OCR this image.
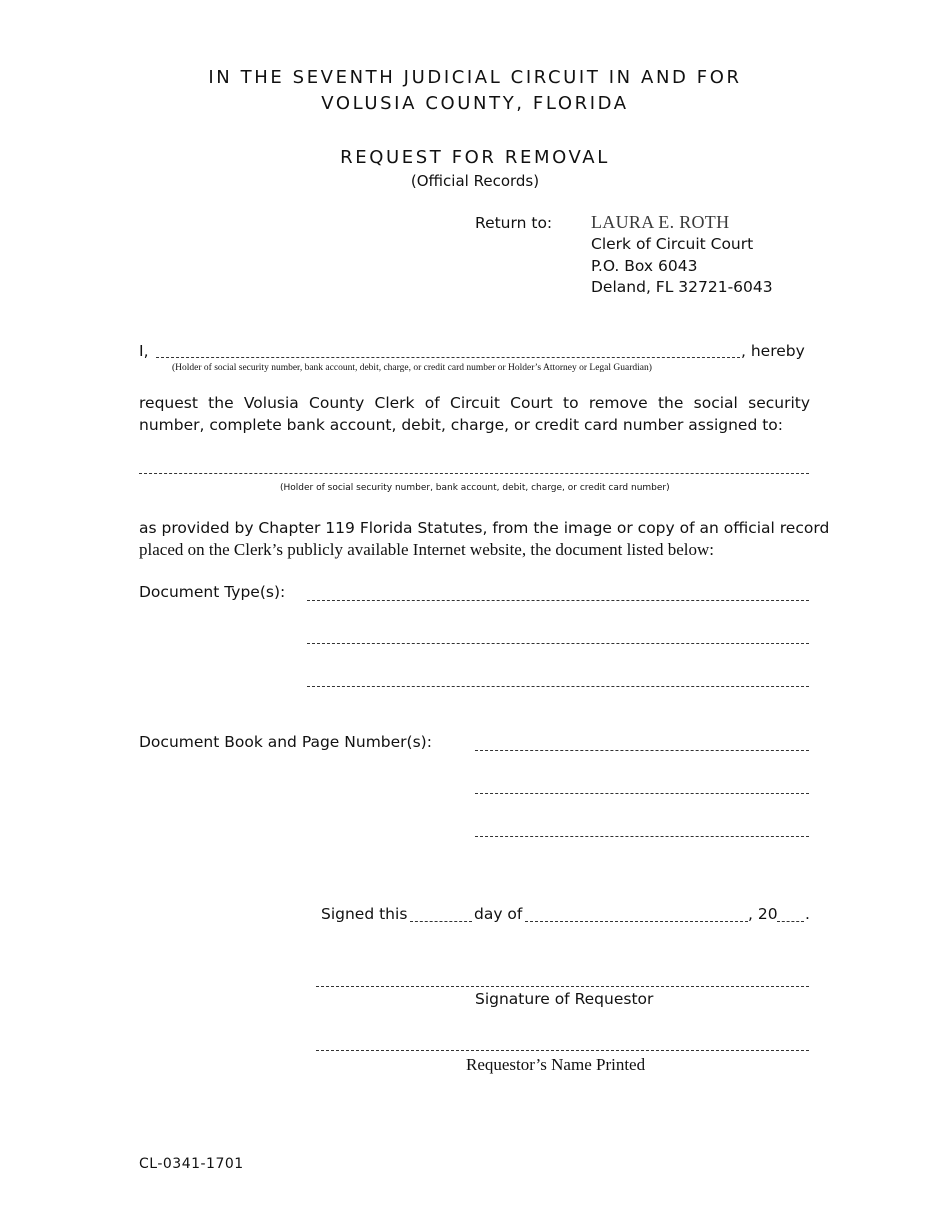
IN THE SEVENTH JUDICIAL CIRCUIT IN AND FOR
VOLUSIA COUNTY, FLORIDA
REQUEST FOR REMOVAL
(Official Records)
Return to: LAURA E. ROTH
Clerk of Circuit Court
P.O. Box 6043
Deland, FL 32721-6043
I,	, hereby
(Holder of social security number, bank account, debit, charge, or credit card number or Holder’s Attorney or Legal Guardian)
request the Volusia County Clerk of Circuit Court to remove the social security
number, complete bank account, debit, charge, or credit card number assigned to:
(Holder of social security number, bank account, debit, charge, or credit card number)
as provided by Chapter 119 Florida Statutes, from the image or copy of an official record
placed on the Clerk’s publicly available Internet website, the document listed below:
Document Type(s):
Document Book and Page Number(s):
Signed this	day of	, 20 .
Signature of Requestor
Requestor’s Name Printed
CL-0341-1701
